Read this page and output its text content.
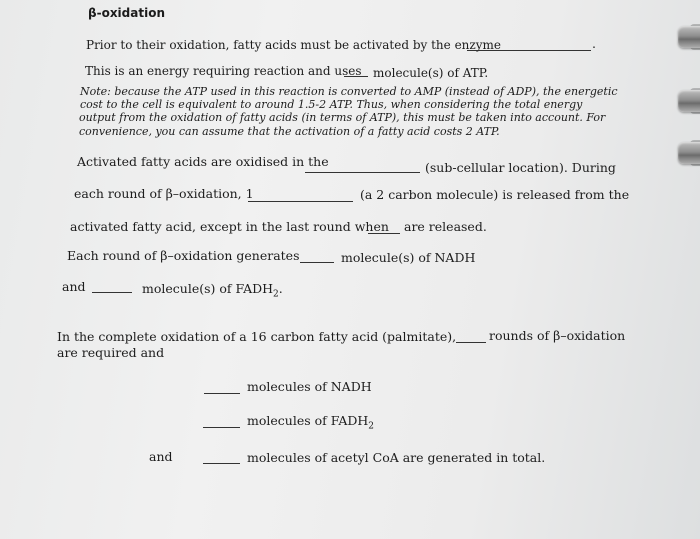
β-oxidation
Prior to their oxidation, fatty acids must be activated by the enzyme	.
This is an energy requiring reaction and uses molecule(s) of ATP.
Note: because the ATP used in this reaction is converted to AMP (instead of ADP), the energetic
cost to the cell is equivalent to around 1.5-2 ATP. Thus, when considering the total energy
output from the oxidation of fatty acids (in terms of ATP), this must be taken into account. For
convenience, you can assume that the activation of a fatty acid costs 2 ATP.
Activated fatty acids are oxidised in the	(sub-cellular location). During
each round of β–oxidation, 1	(a 2 carbon molecule) is released from the
activated fatty acid, except in the last round when are released.
Each round of β–oxidation generates	molecule(s) of NADH
and	molecule(s) of $FADH_2$.
In the complete oxidation of a 16 carbon fatty acid (palmitate),	rounds of β–oxidation
are required and
molecules of NADH
molecules of $FADH_2$
and	molecules of acetyl CoA are generated in total.
